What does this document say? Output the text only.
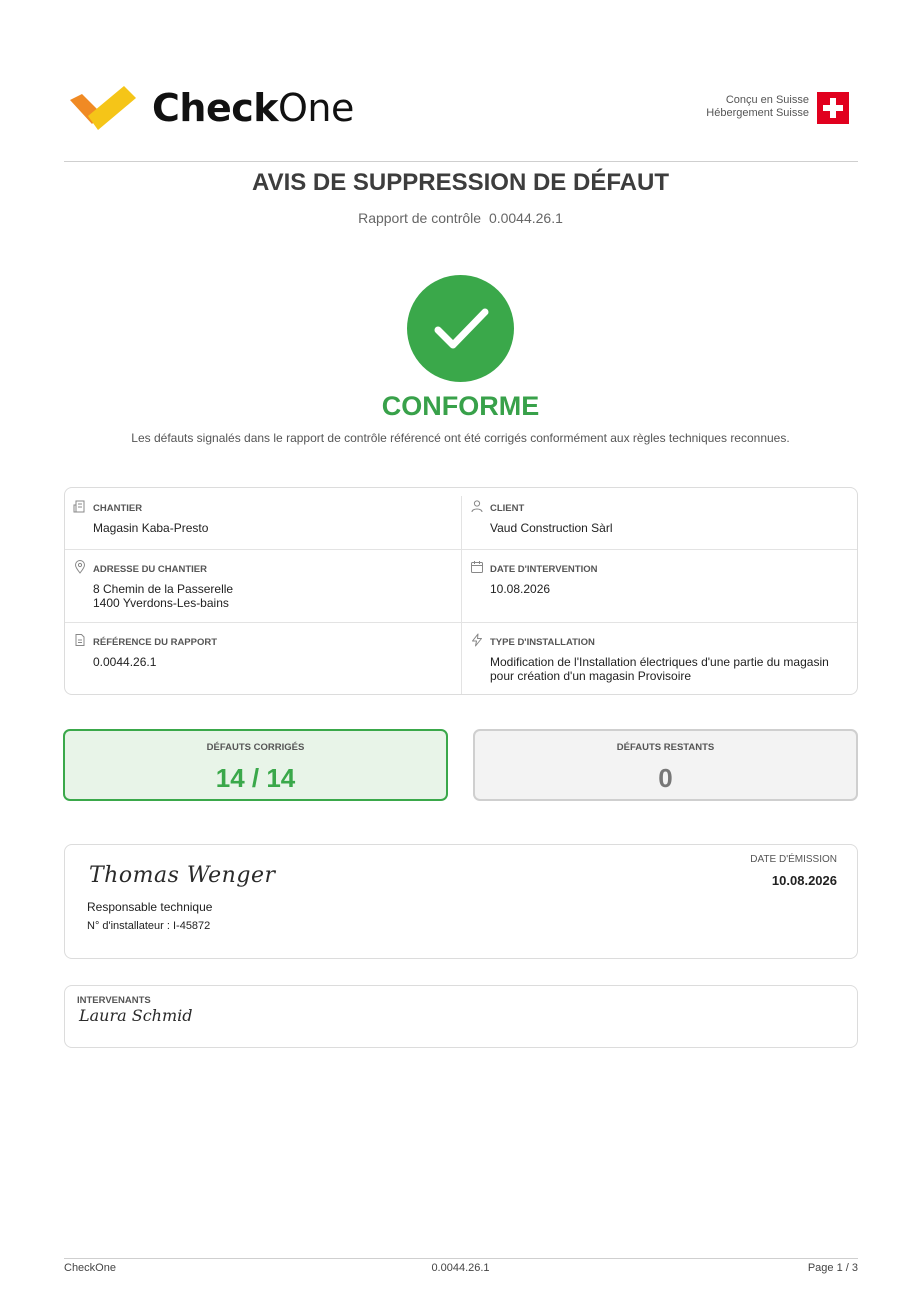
CheckOne	Conçu en Suisse
Hébergement Suisse
AVIS DE SUPPRESSION DE DÉFAUT
Rapport de contrôle 0.0044.26.1
CONFORME
Les défauts signalés dans le rapport de contrôle référencé ont été corrigés conformément aux règles techniques reconnues.
CHANTIER
Magasin Kaba-Presto
CLIENT
Vaud Construction Sàrl
ADRESSE DU CHANTIER
8 Chemin de la Passerelle
1400 Yverdons-Les-bains
DATE D'INTERVENTION
10.08.2026
RÉFÉRENCE DU RAPPORT
0.0044.26.1
TYPE D'INSTALLATION
Modification de l'Installation électriques d'une partie du magasin
pour création d'un magasin Provisoire
DÉFAUTS CORRIGÉS
14 / 14
DÉFAUTS RESTANTS
0
Thomas Wenger
Responsable technique
N° d'installateur : I-45872
DATE D'ÉMISSION
10.08.2026
INTERVENANTS
Laura Schmid
CheckOne	0.0044.26.1	Page 1 / 3
